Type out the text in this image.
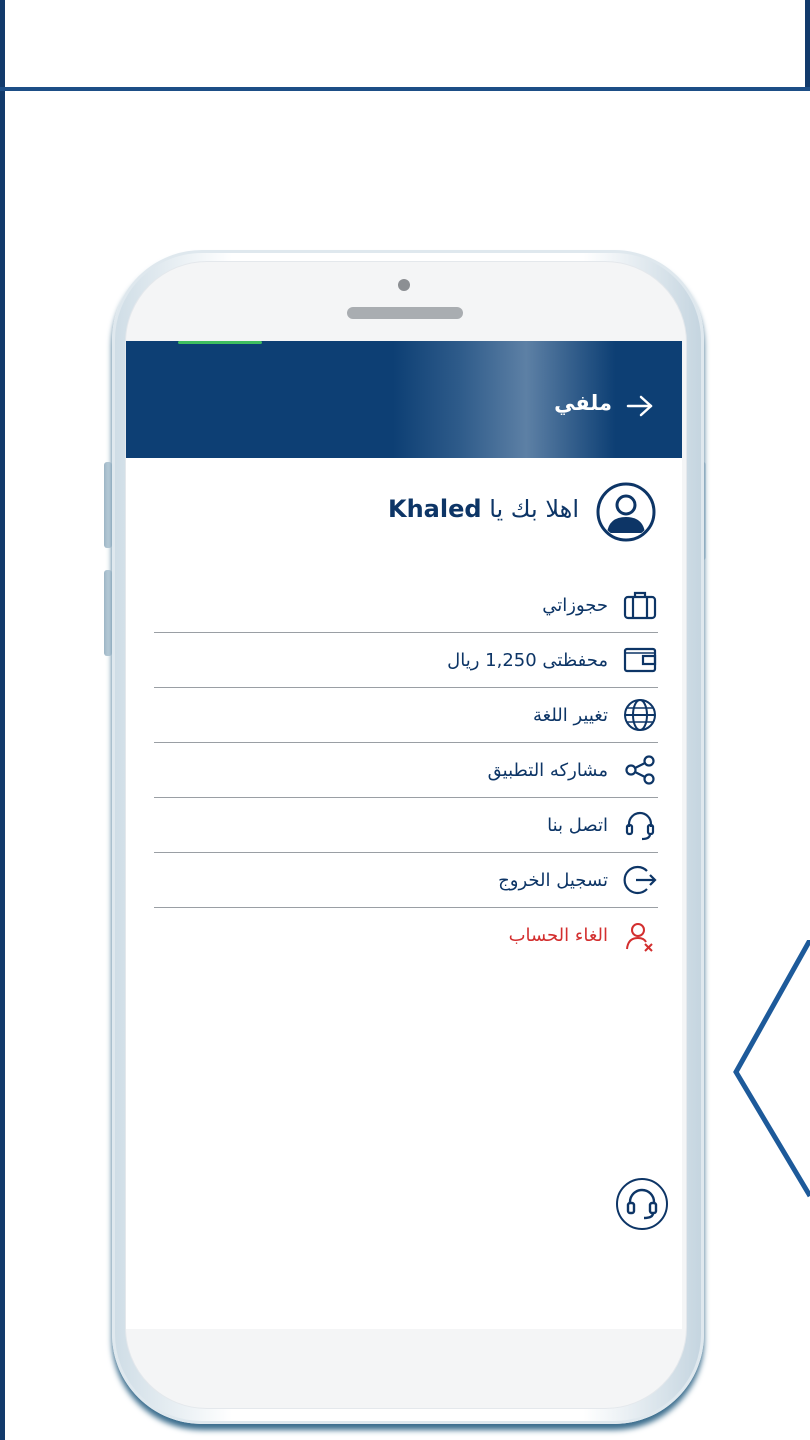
ملفي
اهلا بك يا Khaled
حجوزاتي
محفظتى 1,250 ريال
تغيير اللغة
مشاركه التطبيق
اتصل بنا
تسجيل الخروج
الغاء الحساب
